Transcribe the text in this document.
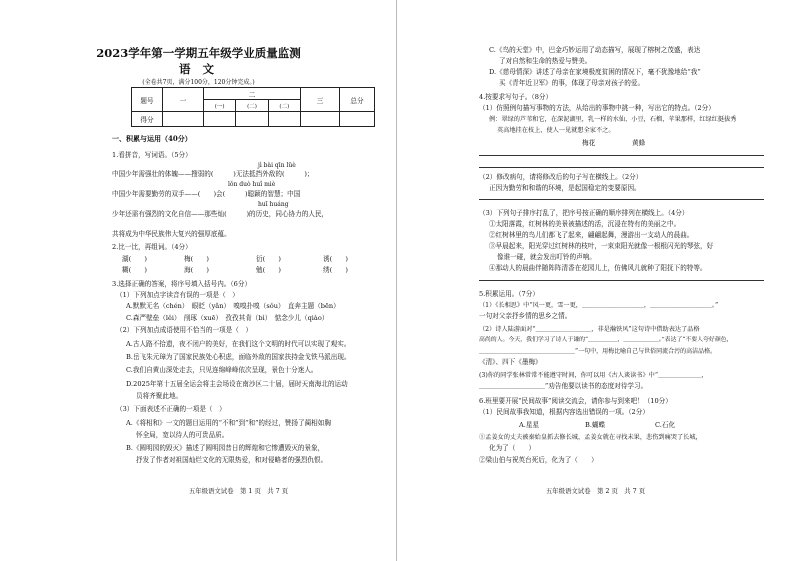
2023学年第一学期五年级学业质量监测
语 文
(全卷共7页，满分100分，120分钟完成。)
题号	一	二			三	总分
		(一)	(二)	(二)		
得分						
一、积累与运用（40分）
1.看拼音，写词语。（5分）
jì bài qīn lüè
中国少年需强壮的体魄——搜弱的(　　　)无法抵挡外敌的(　　　)；
lǒn duò huǐ miè
中国少年需要勤劳的双手——(　　)会(　　　)聪颖的智慧；中国
huī huáng
少年还需有强烈的文化自信——那些灿(　　　)的历史，同心协力的人民，
共将成为中华民族伟大复兴的强厚底蕴。
2.比一比，再组词。（4分）
湖(　　)	梅(　　)	衍(　　)	诱(　　)
糊(　　)	海(　　)	勉(　　)	绣(　　)
3.选择正确的答案，将序号填入括号内。（6分）
（1）下列加点字读音有误的一项是（　）
A.默默无名（chén）　眼眨（yǎn）　嗅嗅扑嗅（sǒu）　直奔主题（bēn）
C.森严壁垒（lěi）　削琢（xuē）　孜孜其肯（bì）　惦念少儿（qiào）
（2）下列加点成语使用不恰当的一项是（　）
A.古人路不拾遗，夜不闭户的美好，在我们这个文明的时代可以实现了观实。
B.岳飞朱元璋为了国家民族处心积虑，面临外敌的国家扶持金戈铁马派出现。
C.我们自黄山深处走去，只见连绵峰峰依次呈现，景色十分迷人。
D.2025年第十五届全运会将主会场设在南沙区二十届，届时天南海北的运动
员将齐聚此地。
（3）下面表述不正确的一项是（　）
A.《将相和》一文的题目运用的“不和”到“和”的经过，赞扬了蔺相如胸
怀全局，宽以待人的可贵品质。
B.《圆明园的毁灭》描述了圆明园昔日的辉煌和它惨遭毁灭的景象，
抒发了作者对祖国灿烂文化的无限热爱，和对侵略者的强烈仇恨。
五年级语文试卷　第 1 页　共 7 页
C.《鸟的天堂》中，巴金巧妙运用了动态描写，展现了榕树之茂盛，表达
了对自然和生命的热爱与赞美。
D.《慈母情深》讲述了母亲在家境极度贫困的情况下，毫不犹豫地给“我”
买《青年近卫军》的事，体现了母亲对孩子的爱。
4.按要求写句子。（8分）
（1）仿照例句描写事物的方法，从给出的事物中挑一种，写出它的特点。（2分）
例：翠绿的芦苇和它，在深泥湖里，乳一样的水仙、小豆，石榴，苹果那样，红绿红挺拔秀
英高地挂在枝上，使人一见就想全家不之。
梅花	黄蜂
（2）修改病句，请将修改后的句子写在横线上。（2分）
正因为勤劳和和谐的环境，是起国稳定的变要原因。
（3）下列句子排序打乱了，把序号按正确的顺序排列在横线上。（4分）
①太阳落霞，红树林的美景被描述的活，沉浸在特有的美丽之中。
②红树林里的鸟儿们都飞了起来，翩翩起舞，漫游出一支动人的晨曲。
③早晨起来，阳光穿过红树林的枝叶，一束束阳光就像一根根闪光的琴弦，好
像谁一碰，就会发出叮铃的声响。
④那动人的晨曲伴随阵阵清香在花园儿上，仿佛风儿就种了阳抚下的特等。
5.积累运用。（7分）
（1）《长相思》中“风一更，雪一更，＿＿＿＿＿＿＿＿＿＿，＿＿＿＿＿＿＿＿＿＿。”
一句对父亲抒乡情的思乡之情。
（2）诗人陆游面对“＿＿＿＿＿＿＿＿＿，非是瀚铁风”这句诗中借助表达了品格
高尚的人。今天，我们学习了诗人于谦的“＿＿＿＿＿，＿＿＿＿＿＿。”表达了“不要人夸好颜色，
＿＿＿＿＿＿＿＿＿＿＿＿＿＿＿＿”一句中，用梅比喻自己与世俗同流合污的高洁品格。
《清》、四下《墨梅》
(3)你的同学张林常常不能遵守时间，你可以用《古人谈读书》中“＿＿＿＿＿＿＿，
＿＿＿＿＿＿＿＿＿＿”劝告他要以读书的态度对待学习。
6.班里要开展“民间故事”阅读交流会，请你参与到来吧！（10分）
（1）民间故事我知道，根据内容选出错误的一项。（2分）
A.星星	B.蝴蝶	C.石化
①孟姜女的丈夫被秦始皇抓去修长城，孟姜女就在寻找未果，悲伤到痛哭了长城，
化为了（　　）
②梁山伯与祝英台死后，化为了（　　）
五年级语文试卷　第 2 页　共 7 页
